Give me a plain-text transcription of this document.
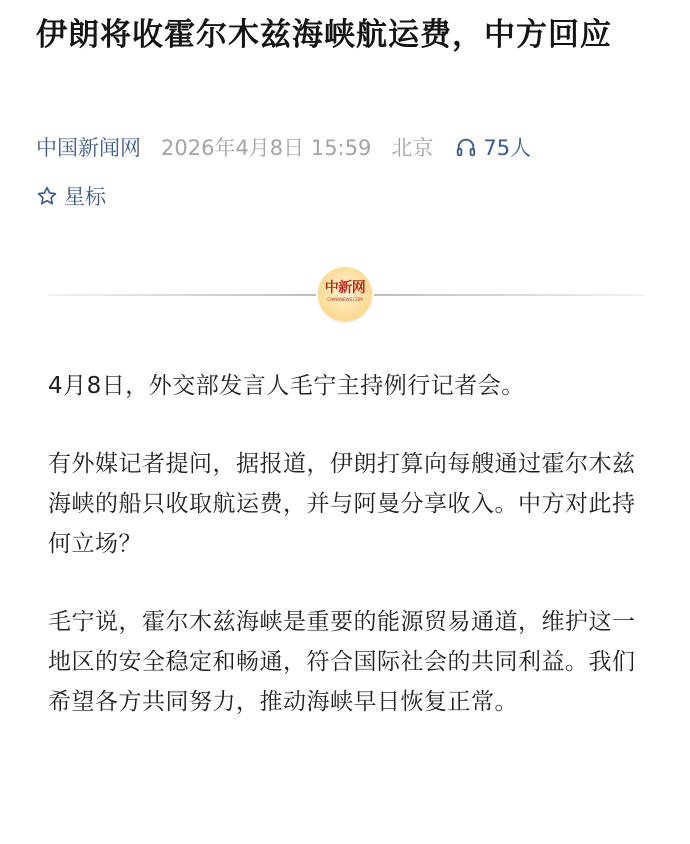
伊朗将收霍尔木兹海峡航运费，中方回应
中国新闻网 2026年4月8日 15:59 北京 75人
星标
中新网
CHINANEWS.COM

4月8日，外交部发言人毛宁主持例行记者会。

有外媒记者提问，据报道，伊朗打算向每艘通过霍尔木兹海峡的船只收取航运费，并与阿曼分享收入。中方对此持何立场？

毛宁说，霍尔木兹海峡是重要的能源贸易通道，维护这一地区的安全稳定和畅通，符合国际社会的共同利益。我们希望各方共同努力，推动海峡早日恢复正常。
